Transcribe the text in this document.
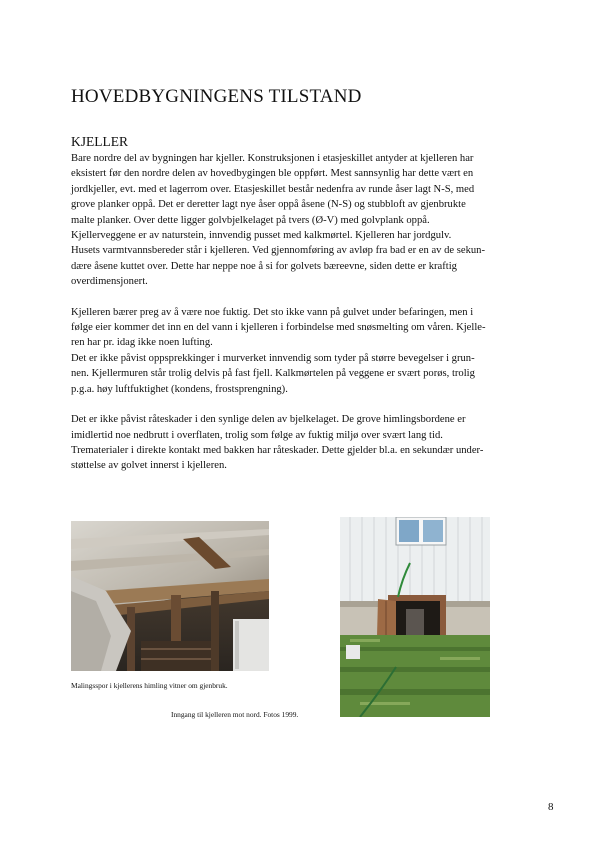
HOVEDBYGNINGENS TILSTAND
KJELLER
Bare nordre del av bygningen har kjeller. Konstruksjonen i etasjeskillet antyder at kjelleren har
eksistert før den nordre delen av hovedbygingen ble oppført. Mest sannsynlig har dette vært en
jordkjeller, evt. med et lagerrom over. Etasjeskillet består nedenfra av runde åser lagt N-S, med
grove planker oppå. Det er deretter lagt nye åser oppå åsene (N-S) og stubbloft av gjenbrukte
malte planker. Over dette ligger golvbjelkelaget på tvers (Ø-V) med golvplank oppå.
Kjellerveggene er av naturstein, innvendig pusset med kalkmørtel. Kjelleren har jordgulv.
Husets varmtvannsbereder står i kjelleren. Ved gjennomføring av avløp fra bad er en av de sekun-
dære åsene kuttet over. Dette har neppe noe å si for golvets bæreevne, siden dette er kraftig
overdimensjonert.
Kjelleren bærer preg av å være noe fuktig. Det sto ikke vann på gulvet under befaringen, men i
følge eier kommer det inn en del vann i kjelleren i forbindelse med snøsmelting om våren. Kjelle-
ren har pr. idag ikke noen lufting.
Det er ikke påvist oppsprekkinger i murverket innvendig som tyder på større bevegelser i grun-
nen. Kjellermuren står trolig delvis på fast fjell. Kalkmørtelen på veggene er svært porøs, trolig
p.g.a. høy luftfuktighet (kondens, frostsprengning).
Det er ikke påvist råteskader i den synlige delen av bjelkelaget. De grove himlingsbordene er
imidlertid noe nedbrutt i overflaten, trolig som følge av fuktig miljø over svært lang tid.
Trematerialer i direkte kontakt med bakken har råteskader. Dette gjelder bl.a. en sekundær under-
støttelse av golvet innerst i kjelleren.
Malingsspor i kjellerens himling vitner om gjenbruk.
Inngang til kjelleren mot nord. Fotos 1999.
8
